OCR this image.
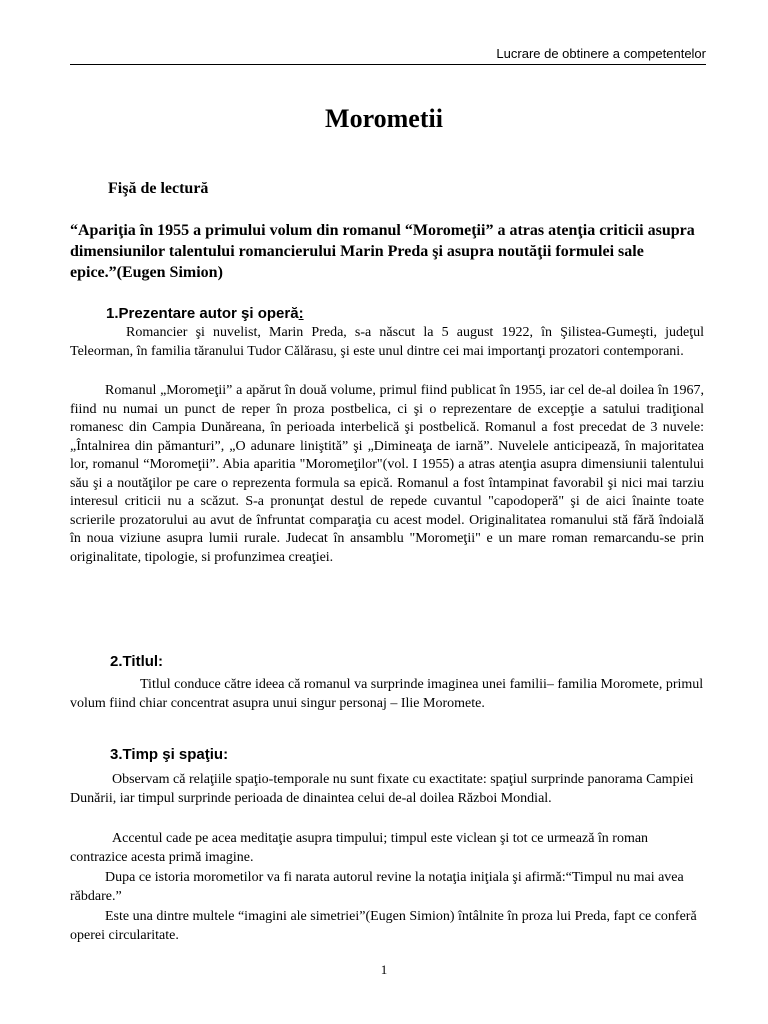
Lucrare de obtinere a competentelor
Morometii
Fişă de lectură
“Apariţia în 1955 a primului volum din romanul “Moromeţii” a atras atenţia criticii asupra dimensiunilor talentului romancierului Marin Preda şi asupra noutăţii formulei sale epice.”(Eugen Simion)
1.Prezentare autor şi operă:
Romancier şi nuvelist, Marin Preda, s-a născut la 5 august 1922, în Şilistea-Gumeşti, judeţul Teleorman, în familia tăranului Tudor Călărasu, şi este unul dintre cei mai importanţi prozatori contemporani.
Romanul „Moromeţii” a apărut în două volume, primul fiind publicat în 1955, iar cel de-al doilea în 1967, fiind nu numai un punct de reper în proza postbelica, ci şi o reprezentare de excepţie a satului tradiţional romanesc din Campia Dunăreana, în perioada interbelică şi postbelică. Romanul a fost precedat de 3 nuvele: „Întalnirea din pămanturi”, „O adunare liniştită” şi „Dimineaţa de iarnă”. Nuvelele anticipează, în majoritatea lor, romanul “Moromeţii”. Abia aparitia "Moromeţilor"(vol. I 1955) a atras atenţia asupra dimensiunii talentului său şi a noutăţilor pe care o reprezenta formula sa epică. Romanul a fost întampinat favorabil şi nici mai tarziu interesul criticii nu a scăzut. S-a pronunţat destul de repede cuvantul "capodoperă" şi de aici înainte toate scrierile prozatorului au avut de înfruntat comparaţia cu acest model. Originalitatea romanului stă fără îndoială în noua viziune asupra lumii rurale. Judecat în ansamblu "Moromeţii" e un mare roman remarcandu-se prin originalitate, tipologie, si profunzimea creaţiei.
2.Titlul:
Titlul conduce către ideea că romanul va surprinde imaginea unei familii– familia Moromete, primul volum fiind chiar concentrat asupra unui singur personaj – Ilie Moromete.
3.Timp şi spaţiu:
Observam că relaţiile spaţio-temporale nu sunt fixate cu exactitate: spaţiul surprinde panorama Campiei Dunării, iar timpul surprinde perioada de dinaintea celui de-al doilea Război Mondial.
Accentul cade pe acea meditaţie asupra timpului; timpul este viclean şi tot ce urmează în roman contrazice acesta primă imagine.
Dupa ce istoria morometilor va fi narata autorul revine la notaţia iniţiala şi afirmă:“Timpul nu mai avea răbdare.”
Este una dintre multele “imagini ale simetriei”(Eugen Simion) întâlnite în proza lui Preda, fapt ce conferă operei circularitate.
1
